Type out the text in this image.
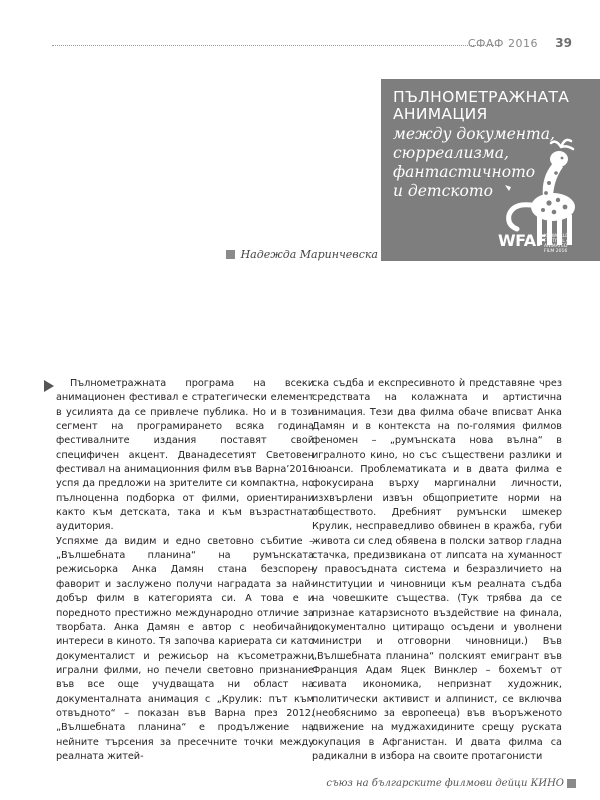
СФАФ 2016 39
ПЪЛНОМЕТРАЖНАТА
АНИМАЦИЯ
между документа,
сюрреализма,
фантастичното
и детското
WFAF
XX WORLD FESTIVAL of ANIMATED FILM 2016
Надежда Маринчевска

Пълнометражната програма на всеки анимационен фестивал е стратегически елемент в усилията да се привлече публика. Но и в този сегмент на програмирането всяка година фестивалните издания поставят свой специфичен акцент. Дванадесетият Световен фестивал на анимационния филм във Варна’2016 успя да предложи на зрителите си компактна, но пълноценна подборка от филми, ориентирани както към детската, така и към възрастната аудитория.

Успяхме да видим и едно световно събитие – „Вълшебната планина“ на румънската режисьорка Анка Дамян стана безспорен фаворит и заслужено получи наградата за най-добър филм в категорията си. А това е и поредното престижно международно отличие за творбата. Анка Дамян е автор с необичайни интереси в киното. Тя започва кариерата си като документалист и режисьор на късометражни игрални филми, но печели световно признание във все още учудващата ни област на документалната анимация с „Крулик: път към отвъдното“ – показан във Варна през 2012. „Вълшебната планина“ е продължение на нейните търсения за пресечните точки между реалната житей-

ска съдба и експресивното ѝ представяне чрез средствата на колажната и артистична анимация. Тези два филма обаче вписват Анка Дамян и в контекста на по-голямия филмов феномен – „румънската нова вълна“ в игралното кино, но със съществени разлики и нюанси. Проблематиката и в двата филма е фокусирана върху маргинални личности, изхвърлени извън общоприетите норми на обществото. Дребният румънски шмекер Крулик, несправедливо обвинен в кражба, губи живота си след обявена в полски затвор гладна стачка, предизвикана от липсата на хуманност у правосъдната система и безразличието на институции и чиновници към реалната съдба на човешките същества. (Тук трябва да се признае катарзисното въздействие на финала, документално цитиращо осъдени и уволнени министри и отговорни чиновници.) Във „Вълшебната планина“ полският емигрант във Франция Адам Яцек Винклер – бохемът от сивата икономика, непризнат художник, политически активист и алпинист, се включва (необяснимо за европееца) във въоръженото движение на муджахидините срещу руската окупация в Афганистан. И двата филма са радикални в избора на своите протагонисти

съюз на българските филмови дейци КИНО
